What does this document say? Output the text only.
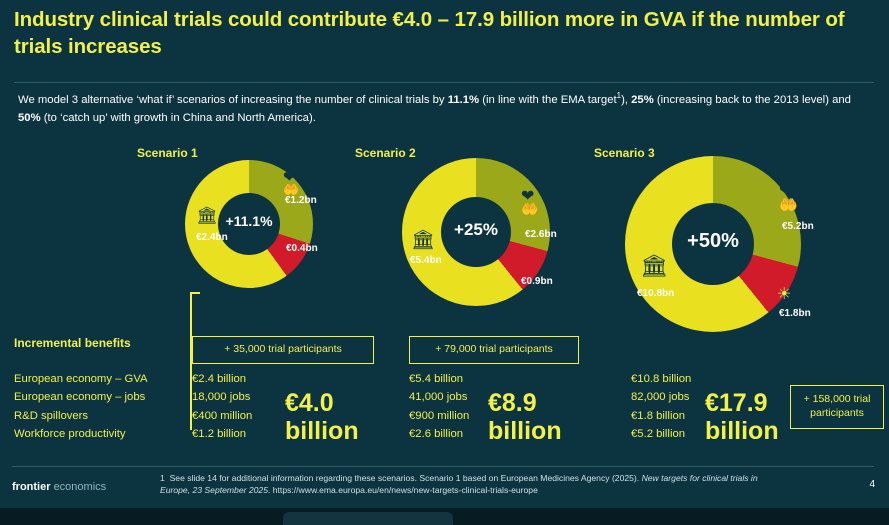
Industry clinical trials could contribute €4.0 – 17.9 billion more in GVA if the number of trials increases
We model 3 alternative ‘what if’ scenarios of increasing the number of clinical trials by 11.1% (in line with the EMA target$^1$), 25% (increasing back to the 2013 level) and 50% (to ‘catch up’ with growth in China and North America).
Scenario 1
+11.1%
€2.4bn
€0.4bn
€1.2bn
🏛
❤
🤲
+ 35,000 trial participants
€2.4 billion
18,000 jobs
€400 million
€1.2 billion
€4.0
billion
Scenario 2
+25%
€5.4bn
€0.9bn
€2.6bn
🏛
❤
🤲
+ 79,000 trial participants
€5.4 billion
41,000 jobs
€900 million
€2.6 billion
€8.9
billion
Scenario 3
+50%
€10.8bn
€1.8bn
€5.2bn
🏛
❤
🤲
☀
€10.8 billion
82,000 jobs
€1.8 billion
€5.2 billion
€17.9
billion
+ 158,000 trial participants
Incremental benefits
European economy – GVA
European economy – jobs
R&D spillovers
Workforce productivity
1 See slide 14 for additional information regarding these scenarios. Scenario 1 based on European Medicines Agency (2025). New targets for clinical trials in Europe, 23 September 2025. https://www.ema.europa.eu/en/news/new-targets-clinical-trials-europe
frontier economics	4
